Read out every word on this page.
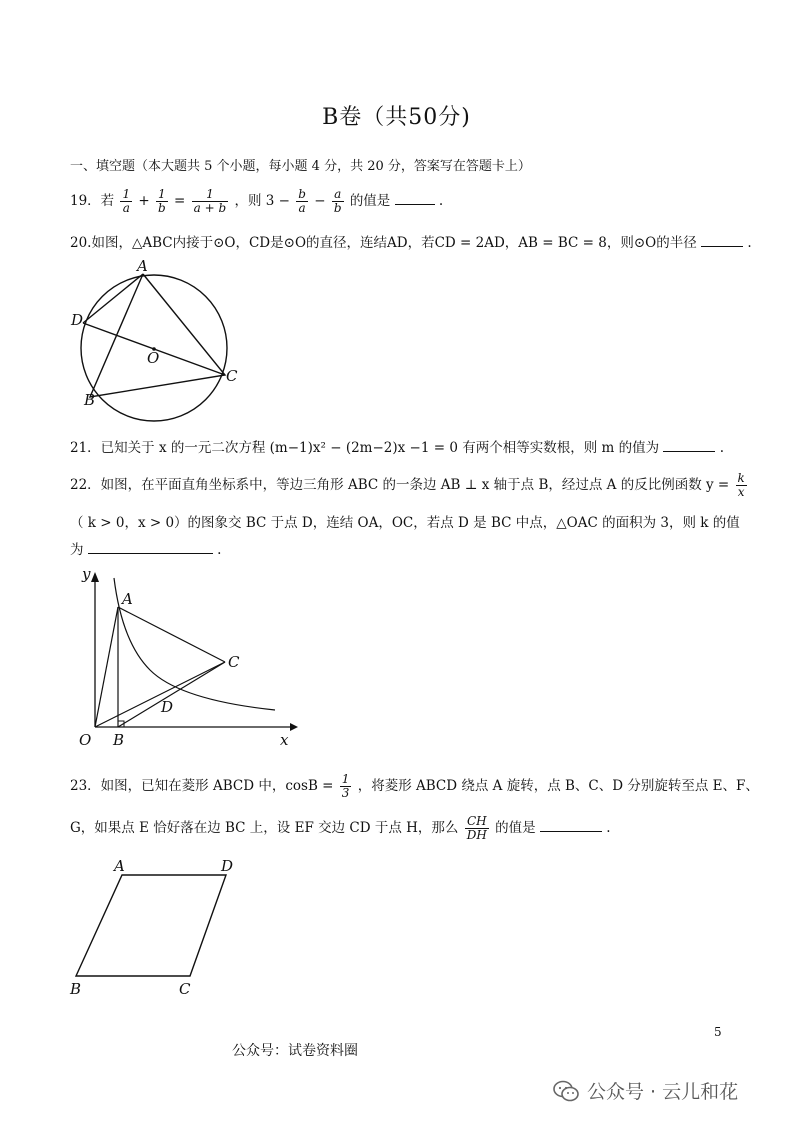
B卷（共50分)
一、填空题（本大题共 5 个小题，每小题 4 分，共 20 分，答案写在答题卡上）
19．若 $\frac{1}{a} + \frac{1}{b} = \frac{1}{a + b}$ ，则 $3 - \frac{b}{a} - \frac{a}{b}$ 的值是	.
20.如图，△ABC内接于⊙O，CD是⊙O的直径，连结AD，若CD = 2AD，AB = BC = 8，则⊙O的半径	.
A
D
O
C
B
21．已知关于 x 的一元二次方程 (m−1)x² − (2m−2)x −1 = 0 有两个相等实数根，则 m 的值为	.
22．如图，在平面直角坐标系中，等边三角形 ABC 的一条边 AB ⊥ x 轴于点 B，经过点 A 的反比例函数 $y = \frac{k}{x}$
（ k > 0，x > 0）的图象交 BC 于点 D，连结 OA，OC，若点 D 是 BC 中点，△OAC 的面积为 3，则 k 的值
为	.
y
x
A
C
D
O B
23．如图，已知在菱形 ABCD 中，$\cos B = \frac{1}{3}$ ，将菱形 ABCD 绕点 A 旋转，点 B、C、D 分别旋转至点 E、F、
G，如果点 E 恰好落在边 BC 上，设 EF 交边 CD 于点 H，那么 $\frac{CH}{DH}$ 的值是	.
A	D
B	C
5
公众号：试卷资料圈
公众号 · 云儿和花
